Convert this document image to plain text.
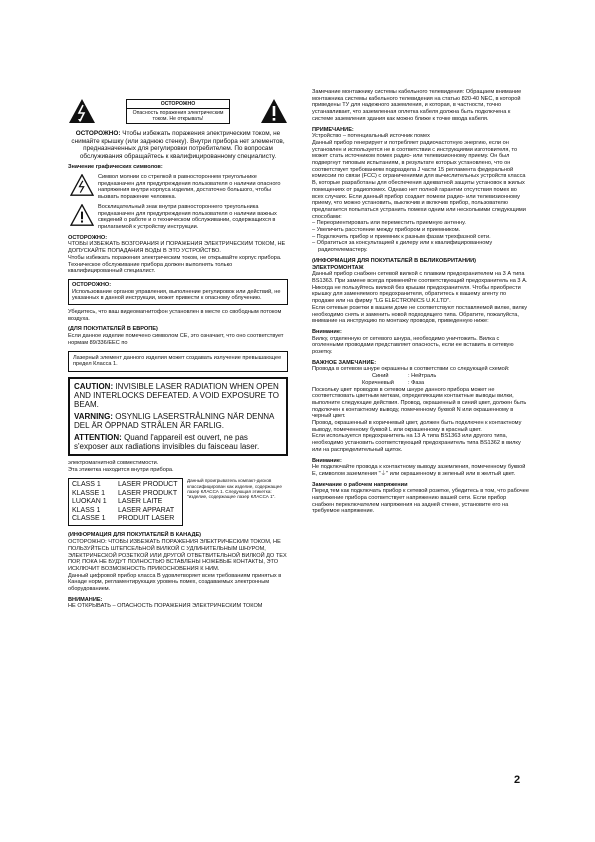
ОСТОРОЖНО
Опасность поражения электрическим током. Не открывать!

ОСТОРОЖНО: Чтобы избежать поражения электрическим током, не снимайте крышку (или заднюю стенку). Внутри прибора нет элементов, предназначенных для регулировки потребителем. По вопросам обслуживания обращайтесь к квалифицированному специалисту.

Значение графических символов:

Символ молнии со стрелкой в равностороннем треугольнике предназначен для предупреждения пользователя о наличии опасного напряжения внутри корпуса изделия, достаточно большого, чтобы вызвать поражение человека.

Восклицательный знак внутри равностороннего треугольника предназначен для предупреждения пользователя о наличии важных сведений о работе и о техническом обслуживании, содержащихся в прилагаемой к устройству инструкции.

ОСТОРОЖНО:

ЧТОБЫ ИЗБЕЖАТЬ ВОЗГОРАНИЯ И ПОРАЖЕНИЯ ЭЛЕКТРИЧЕСКИМ ТОКОМ, НЕ ДОПУСКАЙТЕ ПОПАДАНИЯ ВОДЫ В ЭТО УСТРОЙСТВО.

Чтобы избежать поражения электрическим током, не открывайте корпус прибора. Техническое обслуживание прибора должен выполнять только квалифицированный специалист.

ОСТОРОЖНО:

Использование органов управления, выполнение регулировок или действий, не указанных в данной инструкции, может привести к опасному облучению.

Убедитесь, что ваш видеомагнитофон установлен в месте со свободным потоком воздуха.

(ДЛЯ ПОКУПАТЕЛЕЙ В ЕВРОПЕ)

Если данное изделие помечено символом CE, это означает, что оно соответствует нормам 89/336/EEC по

Лазерный элемент данного изделия может создавать излучение превышающее предел Класса 1.

CAUTION: INVISIBLE LASER RADIATION WHEN OPEN AND INTERLOCKS DEFEATED. A VOID EXPOSURE TO BEAM.

VARNING: OSYNLIG LASERSTRÅLNING NÄR DENNA DEL ÄR ÖPPNAD STRÅLEN ÄR FARLIG.

ATTENTION: Quand l'appareil est ouvert, ne pas s'exposer aux radiations invisibles du faisceau laser.

электромагнитной совместимости.

Эта этикетка находится внутри прибора.

CLASS 1	LASER PRODUCT
KLASSE 1	LASER PRODUKT
LUOKAN 1	LASER LAITE
KLASS 1	LASER APPARAT
CLASSE 1	PRODUIT LASER

Данный проигрыватель компакт-дисков классифицирован как изделие, содержащее лазер КЛАССА 1. Следующая этикетка: "изделие, содержащее лазер КЛАССА 1".

(ИНФОРМАЦИЯ ДЛЯ ПОКУПАТЕЛЕЙ В КАНАДЕ)

ОСТОРОЖНО: ЧТОБЫ ИЗБЕЖАТЬ ПОРАЖЕНИЯ ЭЛЕКТРИЧЕСКИМ ТОКОМ, НЕ ПОЛЬЗУЙТЕСЬ ШТЕПСЕЛЬНОЙ ВИЛКОЙ С УДЛИНИТЕЛЬНЫМ ШНУРОМ, ЭЛЕКТРИЧЕСКОЙ РОЗЕТКОЙ ИЛИ ДРУГОЙ ОТВЕТВИТЕЛЬНОЙ ВИЛКОЙ ДО ТЕХ ПОР, ПОКА НЕ БУДУТ ПОЛНОСТЬЮ ВСТАВЛЕНЫ НОЖЕВЫЕ КОНТАКТЫ, ЭТО ИСКЛЮЧИТ ВОЗМОЖНОСТЬ ПРИКОСНОВЕНИЯ К НИМ.

Данный цифровой прибор класса В удовлетворяет всем требованиям принятых в Канаде норм, регламентирующих уровень помех, создаваемых электронным оборудованием.

ВНИМАНИЕ:

НЕ ОТКРЫВАТЬ – ОПАСНОСТЬ ПОРАЖЕНИЯ ЭЛЕКТРИЧЕСКИМ ТОКОМ

Замечание монтажнику системы кабельного телевидения: Обращаем внимание монтажника системы кабельного телевидения на статью 820-40 NEC, в которой приведены ТУ для надежного заземления, и которая, в частности, точно устанавливает, что заземленная оплетка кабеля должна быть подключена к системе заземления здания как можно ближе к точке ввода кабеля.

ПРИМЕЧАНИЕ:

Устройство – потенциальный источник помех
Данный прибор генерирует и потребляет радиочастотную энергию, если он установлен и используется не в соответствии с инструкциями изготовителя, то может стать источником помех радио- или телевизионному приему. Он был подвергнут типовым испытаниям, в результате которых установлено, что он соответствует требованиям подраздела J части 15 регламента федеральной комиссии по связи (FCC) с ограничениями для вычислительных устройств класса В, которые разработаны для обеспечения адекватной защиты установок в жилых помещениях от радиопомех. Однако нет полной гарантии отсутствия помех во всех случаях. Если данный прибор создает помехи радио- или телевизионному приему, что можно установить, выключив и включив прибор, пользователю предлагается попытаться устранить помехи одним или несколькими следующими способами:

– Переориентировать или переместить приемную антенну.

– Увеличить расстояние между прибором и приемником.

– Подключить прибор и приемник к разным фазам трехфазной сети.

– Обратиться за консультацией к дилеру или к квалифицированному радиотелемастеру.

(ИНФОРМАЦИЯ ДЛЯ ПОКУПАТЕЛЕЙ В ВЕЛИКОБРИТАНИИ) ЭЛЕКТРОМОНТАЖ

Данный прибор снабжен сетевой вилкой с плавким предохранителем на 3 А типа BS1363. При замене всегда применяйте соответствующий предохранитель на 3 А. Никогда не пользуйтесь вилкой без крышки предохранителя. Чтобы приобрести крышку для заменяемого предохранителя, обратитесь к вашему агенту по продаже или на фирму "LG ELECTRONICS U.K.LTD".

Если сетевые розетки в вашем доме не соответствуют поставляемой вилке, вилку необходимо снять и заменить новой подходящего типа. Обратите, пожалуйста, внимание на инструкцию по монтажу проводов, приведенную ниже:

Внимание:

Вилку, отделенную от сетевого шнура, необходимо уничтожить. Вилка с оголенными проводами представляет опасность, если ее вставить в сетевую розетку.

ВАЖНОЕ ЗАМЕЧАНИЕ:

Провода в сетевом шнуре окрашены в соответствии со следующей схемой:

Синий	: Нейтраль

Коричневый	: Фаза

Поскольку цвет проводов в сетевом шнуре данного прибора может не соответствовать цветным меткам, определяющим контактные выводы вилки, выполните следующие действия. Провод, окрашенный в синий цвет, должен быть подключен к контактному выводу, помеченному буквой N или окрашенному в черный цвет.

Провод, окрашенный в коричневый цвет, должен быть подключен к контактному выводу, помеченному буквой L или окрашенному в красный цвет.

Если используется предохранитель на 13 А типа BS1363 или другого типа, необходимо установить соответствующий предохранитель типа BS1362 в вилку или на распределительный щиток.

Внимание:

Не подключайте провода к контактному выводу заземления, помеченному буквой Е, символом заземления "⏚" или окрашенному в зеленый или в желтый цвет.

Замечание о рабочем напряжении

Перед тем как подключать прибор к сетевой розетке, убедитесь в том, что рабочее напряжение прибора соответствует напряжению вашей сети. Если прибор снабжен переключателем напряжения на задней стенке, установите его на требуемое напряжение.

2
